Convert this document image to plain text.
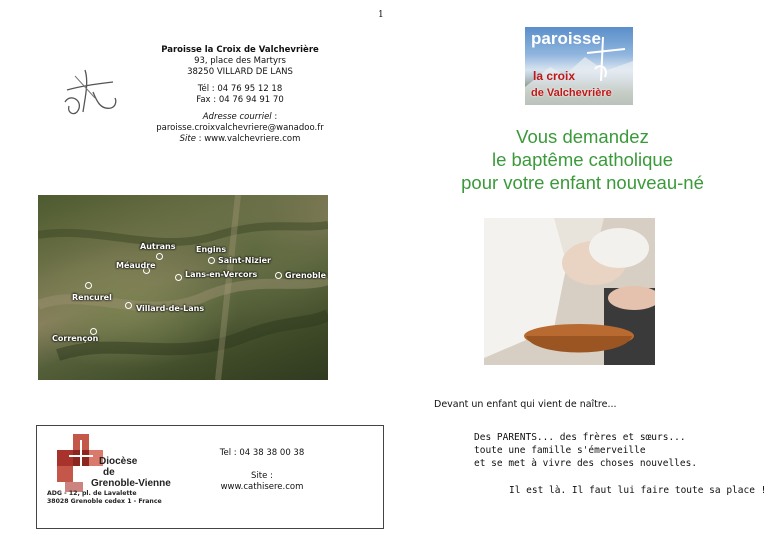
1
Paroisse la Croix de Valchevrière
93, place des Martyrs
38250 VILLARD DE LANS
Tél : 04 76 95 12 18
Fax : 04 76 94 91 70
Adresse courriel :
paroisse.croixvalchevriere@wanadoo.fr
Site : www.valchevriere.com
paroisse
la croix
de Valchevrière
Vous demandez
le baptême catholique
pour votre enfant nouveau-né
Autrans	Engins
Saint-Nizier
Méaudre
Lans-en-Vercors	Grenoble
Rencurel
Villard-de-Lans
Corrençon
Devant un enfant qui vient de naître...
Diocèse
de
Grenoble-Vienne
ADG - 12, pl. de Lavalette
38028 Grenoble cedex 1 - France
Tel : 04 38 38 00 38
Site :
www.cathisere.com
Des PARENTS... des frères et sœurs...
toute une famille s'émerveille
et se met à vivre des choses nouvelles.
Il est là. Il faut lui faire toute sa place !
